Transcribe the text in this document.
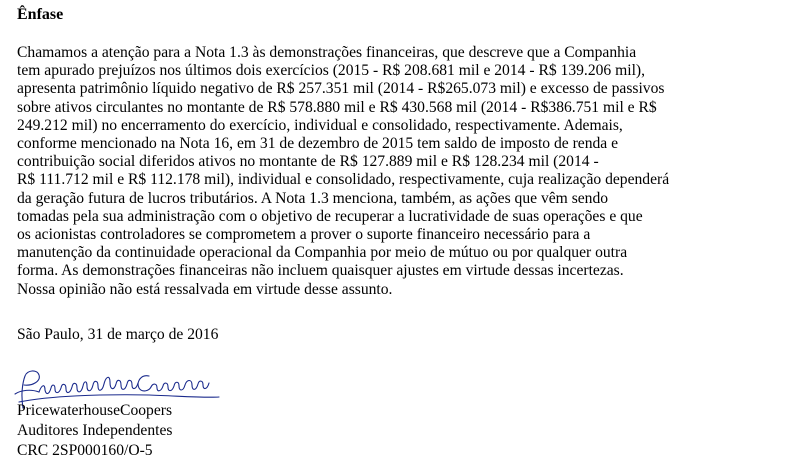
Ênfase
Chamamos a atenção para a Nota 1.3 às demonstrações financeiras, que descreve que a Companhia
tem apurado prejuízos nos últimos dois exercícios (2015 - R$ 208.681 mil e 2014 - R$ 139.206 mil),
apresenta patrimônio líquido negativo de R$ 257.351 mil (2014 - R$265.073 mil) e excesso de passivos
sobre ativos circulantes no montante de R$ 578.880 mil e R$ 430.568 mil (2014 - R$386.751 mil e R$
249.212 mil) no encerramento do exercício, individual e consolidado, respectivamente. Ademais,
conforme mencionado na Nota 16, em 31 de dezembro de 2015 tem saldo de imposto de renda e
contribuição social diferidos ativos no montante de R$ 127.889 mil e R$ 128.234 mil (2014 -
R$ 111.712 mil e R$ 112.178 mil), individual e consolidado, respectivamente, cuja realização dependerá
da geração futura de lucros tributários. A Nota 1.3 menciona, também, as ações que vêm sendo
tomadas pela sua administração com o objetivo de recuperar a lucratividade de suas operações e que
os acionistas controladores se comprometem a prover o suporte financeiro necessário para a
manutenção da continuidade operacional da Companhia por meio de mútuo ou por qualquer outra
forma. As demonstrações financeiras não incluem quaisquer ajustes em virtude dessas incertezas.
Nossa opinião não está ressalvada em virtude desse assunto.
São Paulo, 31 de março de 2016
PricewaterhouseCoopers
Auditores Independentes
CRC 2SP000160/O-5
